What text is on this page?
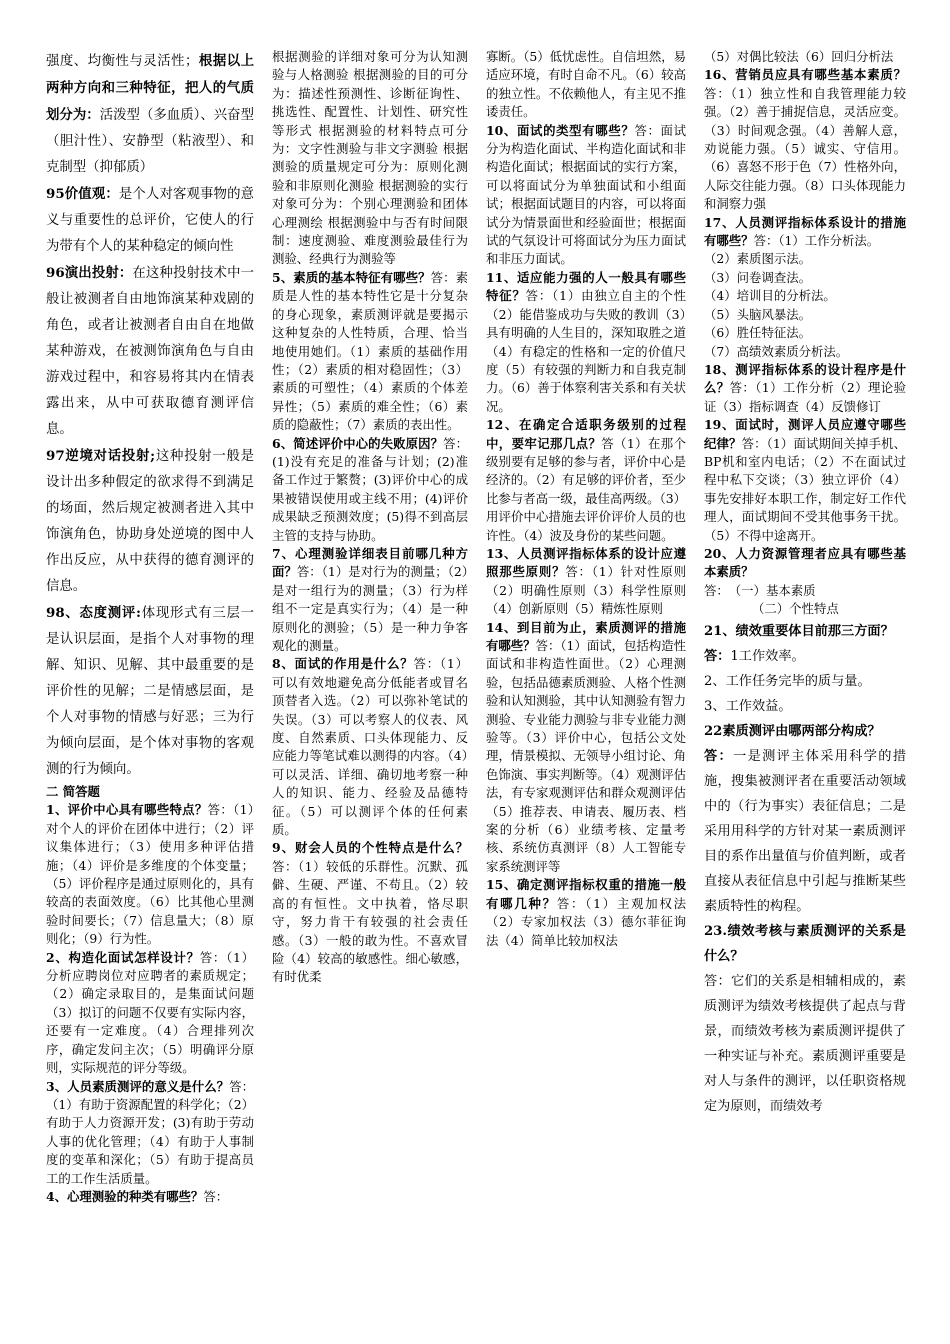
强度、均衡性与灵活性；根据以上两种方向和三种特征，把人的气质划分为：活泼型（多血质）、兴奋型　（胆汁性）、安静型（粘液型）、和克制型（抑郁质）

95价值观：是个人对客观事物的意义与重要性的总评价，它使人的行为带有个人的某种稳定的倾向性

96演出投射：在这种投射技术中一般让被测者自由地饰演某种戏剧的角色，或者让被测者自由自在地做某种游戏，在被测饰演角色与自由游戏过程中，和容易将其内在情表露出来，从中可获取德育测评信息。

97逆境对话投射;这种投射一般是设计出多种假定的欲求得不到满足的场面，然后规定被测者进入其中饰演角色，协助身处逆境的图中人作出反应，从中获得的德育测评的信息。

98、态度测评:体现形式有三层一是认识层面，是指个人对事物的理解、知识、见解、其中最重要的是评价性的见解；二是情感层面，是个人对事物的情感与好恶；三为行为倾向层面，是个体对事物的客观测的行为倾向。

二 简答题

1、评价中心具有哪些特点？答：（1）对个人的评价在团体中进行；（2）评议集体进行；（3）使用多种评估措施；（4）评价是多维度的个体变量；（5）评价程序是通过原则化的，具有较高的表面效度。（6）比其他心里测验时间要长；（7）信息量大；（8）原则化；（9）行为性。

2、构造化面试怎样设计？答：（1）分析应聘岗位对应聘者的素质规定；（2）确定录取目的，是集面试问题（3）拟订的问题不仅要有实际内容，还要有一定难度。（4）合理排列次序，确定发问主次；（5）明确评分原则，实际规范的评分等级。

3、人员素质测评的意义是什么？答：（1）有助于资源配置的科学化；（2）有助于人力资源开发；(3)有助于劳动人事的优化管理；（4）有助于人事制度的变革和深化；（5）有助于提高员工的工作生活质量。

4、心理测验的种类有哪些？答：

根据测验的详细对象可分为认知测验与人格测验 根据测验的目的可分为：描述性预测性、诊断征询性、挑选性、配置性、计划性、研究性等形式 根据测验的材料特点可分为：文字性测验与非文字测验 根据测验的质量规定可分为：原则化测验和非原则化测验 根据测验的实行对象可分为：个别心理测验和团体心理测绘 根据测验中与否有时间限制：速度测验、难度测验最佳行为测验、经典行为测验等

5、素质的基本特征有哪些？答：素质是人性的基本特性它是十分复杂的身心现象，素质测评就是要揭示这种复杂的人性特质，合理、恰当地使用她们。（1）素质的基础作用性；（2）素质的相对稳固性；（3）素质的可塑性；（4）素质的个体差异性；（5）素质的难全性；（6）素质的隐蔽性；（7）素质的表出性。

6、简述评价中心的失败原因？答：(1)没有充足的准备与计划；(2)准备工作过于繁赘；(3)评价中心的成果被错误使用或主线不用；(4)评价成果缺乏预测效度；(5)得不到高层主管的支持与协助。

7、心理测验详细表目前哪几种方面？答：（1）是对行为的测量；（2）是对一组行为的测量；（3）行为样组不一定是真实行为；（4）是一种原则化的测验；（5）是一种力争客观化的测量。

8、面试的作用是什么？答：（1）可以有效地避免高分低能者或冒名顶替者入选。（2）可以弥补笔试的失误。（3）可以考察人的仪表、风度、自然素质、口头体现能力、反应能力等笔试难以测得的内容。（4）可以灵活、详细、确切地考察一种人的知识、能力、经验及品德特征。（5）可以测评个体的任何素质。

9、财会人员的个性特点是什么？答：（1）较低的乐群性。沉默、孤僻、生硬、严谨、不苟且。（2）较高的有恒性。文中执着，恪尽职守，努力肯干有较强的社会责任感。（3）一般的敢为性。不喜欢冒险（4）较高的敏感性。细心敏感，有时优柔

寡断。（5）低忧虑性。自信坦然，易适应环境，有时自命不凡。（6）较高的独立性。不依赖他人，有主见不推诿责任。

10、面试的类型有哪些？答：面试分为构造化面试、半构造化面试和非构造化面试；根据面试的实行方案，可以将面试分为单独面试和小组面试；根据面试题目的内容，可以将面试分为情景面世和经验面世；根据面试的气氛设计可将面试分为压力面试和非压力面试。

11、适应能力强的人一般具有哪些特征？答：（1）由独立自主的个性（2）能借鉴成功与失败的教训（3）具有明确的人生目的，深知取胜之道（4）有稳定的性格和一定的价值尺度（5）有较强的判断力和自我克制力。（6）善于体察利害关系和有关状况。

12、在确定合适职务级别的过程中，要牢记那几点？答（1）在那个级别要有足够的参与者，评价中心是经济的。（2）有足够的评价者，至少比参与者高一级，最佳高两级。（3）用评价中心措施去评价评价人员的也许性。（4）波及身份的某些问题。

13、人员测评指标体系的设计应遵照那些原则？答：（1）针对性原则（2）明确性原则（3）科学性原则（4）创新原则（5）精炼性原则

14、到目前为止，素质测评的措施有哪些？答：（1）面试，包括构造性面试和非构造性面世。（2）心理测验，包括品德素质测验、人格个性测验和认知测验，其中认知测验有智力测验、专业能力测验与非专业能力测验等。（3）评价中心，包括公文处理，情景模拟、无领导小组讨论、角色饰演、事实判断等。（4）观测评估法，有专家观测评估和群众观测评估（5）推荐表、申请表、履历表、档案的分析（6）业绩考核、定量考核、系统仿真测评（8）人工智能专家系统测评等

15、确定测评指标权重的措施一般有哪几种？答：（1）主观加权法（2）专家加权法（3）德尔菲征询法（4）简单比较加权法

（5）对偶比较法（6）回归分析法

16、营销员应具有哪些基本素质？答：（1）独立性和自我管理能力较强。（2）善于捕捉信息，灵活应变。（3）时间观念强。（4）善解人意，劝说能力强。（5）诚实、守信用。（6）喜怒不形于色（7）性格外向，人际交往能力强。（8）口头体现能力和洞察力强

17、人员测评指标体系设计的措施有哪些？答：（1）工作分析法。

（2）素质图示法。

（3）问卷调查法。

（4）培训目的分析法。

（5）头脑风暴法。

（6）胜任特征法。

（7）高绩效素质分析法。

18、测评指标体系的设计程序是什么？答：（1）工作分析（2）理论验证（3）指标调查（4）反馈修订

19、面试时，测评人员应遵守哪些纪律？答：（1）面试期间关掉手机、BP机和室内电话；（2）不在面试过程中私下交谈；（3）独立评价（4）事先安排好本职工作，制定好工作代理人，面试期间不受其他事务干扰。（5）不得中途离开。

20、人力资源管理者应具有哪些基本素质？

答：　（一）基本素质

（二）个性特点

21、绩效重要体目前那三方面？

答：1工作效率。

2、工作任务完毕的质与量。

3、工作效益。

22素质测评由哪两部分构成？

答：一是测评主体采用科学的措施，搜集被测评者在重要活动领域中的（行为事实）表征信息；二是采用用科学的方针对某一素质测评目的系作出量值与价值判断，或者直接从表征信息中引起与推断某些素质特性的构程。

23.绩效考核与素质测评的关系是什么？

答：它们的关系是相辅相成的，素质测评为绩效考核提供了起点与背景，而绩效考核为素质测评提供了一种实证与补充。素质测评重要是对人与条件的测评，以任职资格规定为原则，而绩效考
